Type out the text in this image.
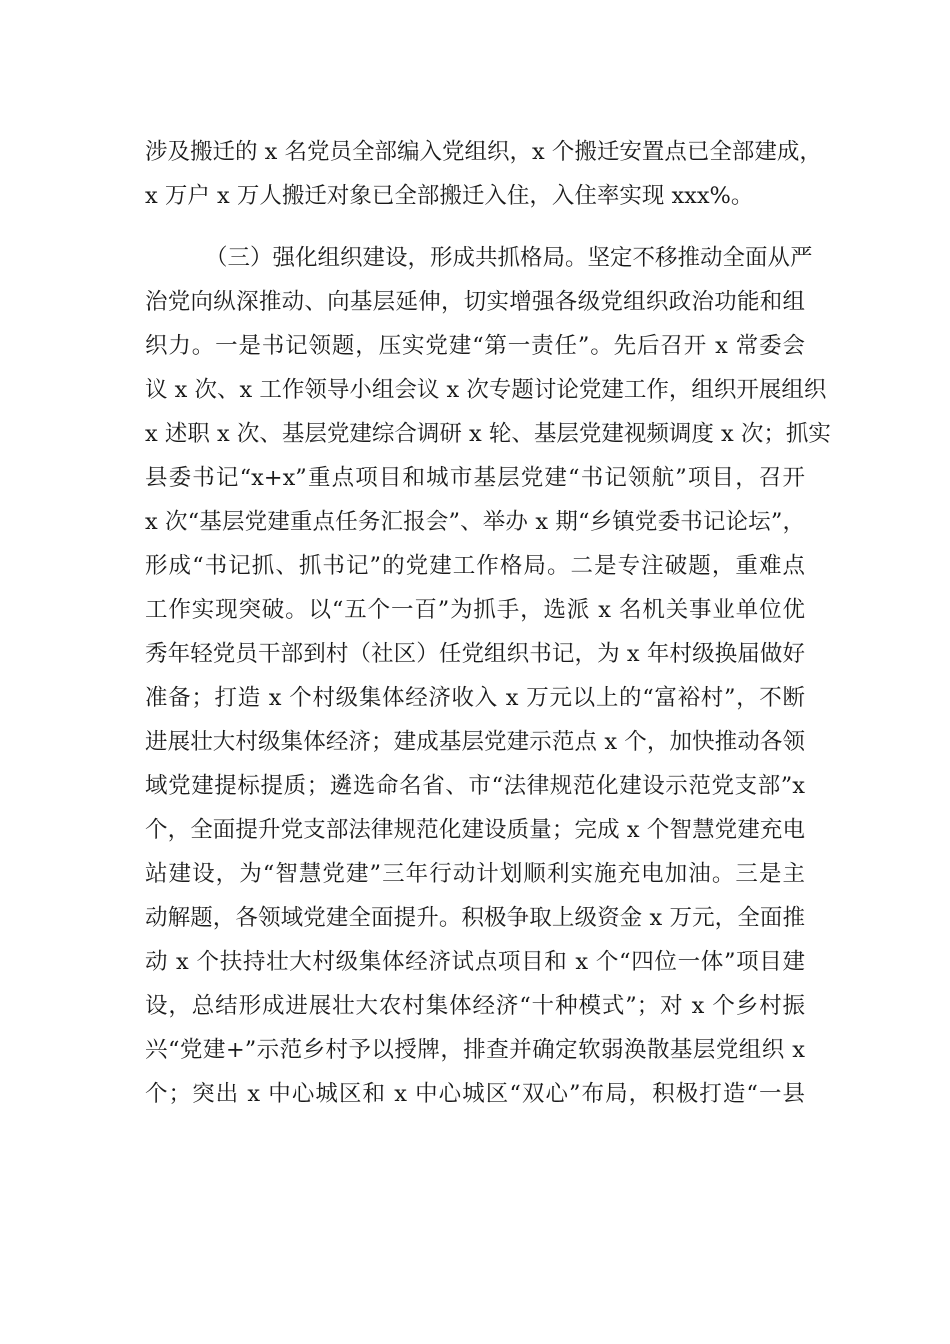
涉及搬迁的 x 名党员全部编入党组织，x 个搬迁安置点已全部建成，
x 万户 x 万人搬迁对象已全部搬迁入住，入住率实现 xxx%。
（三）强化组织建设，形成共抓格局。坚定不移推动全面从严
治党向纵深推动、向基层延伸，切实增强各级党组织政治功能和组
织力。一是书记领题，压实党建“第一责任”。先后召开 x 常委会
议 x 次、x 工作领导小组会议 x 次专题讨论党建工作，组织开展组织
x 述职 x 次、基层党建综合调研 x 轮、基层党建视频调度 x 次；抓实
县委书记“x+x”重点项目和城市基层党建“书记领航”项目，召开
x 次“基层党建重点任务汇报会”、举办 x 期“乡镇党委书记论坛”，
形成“书记抓、抓书记”的党建工作格局。二是专注破题，重难点
工作实现突破。以“五个一百”为抓手，选派 x 名机关事业单位优
秀年轻党员干部到村（社区）任党组织书记，为 x 年村级换届做好
准备；打造 x 个村级集体经济收入 x 万元以上的“富裕村”，不断
进展壮大村级集体经济；建成基层党建示范点 x 个，加快推动各领
域党建提标提质；遴选命名省、市“法律规范化建设示范党支部”x
个，全面提升党支部法律规范化建设质量；完成 x 个智慧党建充电
站建设，为“智慧党建”三年行动计划顺利实施充电加油。三是主
动解题，各领域党建全面提升。积极争取上级资金 x 万元，全面推
动 x 个扶持壮大村级集体经济试点项目和 x 个“四位一体”项目建
设，总结形成进展壮大农村集体经济“十种模式”；对 x 个乡村振
兴“党建+”示范乡村予以授牌，排查并确定软弱涣散基层党组织 x
个；突出 x 中心城区和 x 中心城区“双心”布局，积极打造“一县
